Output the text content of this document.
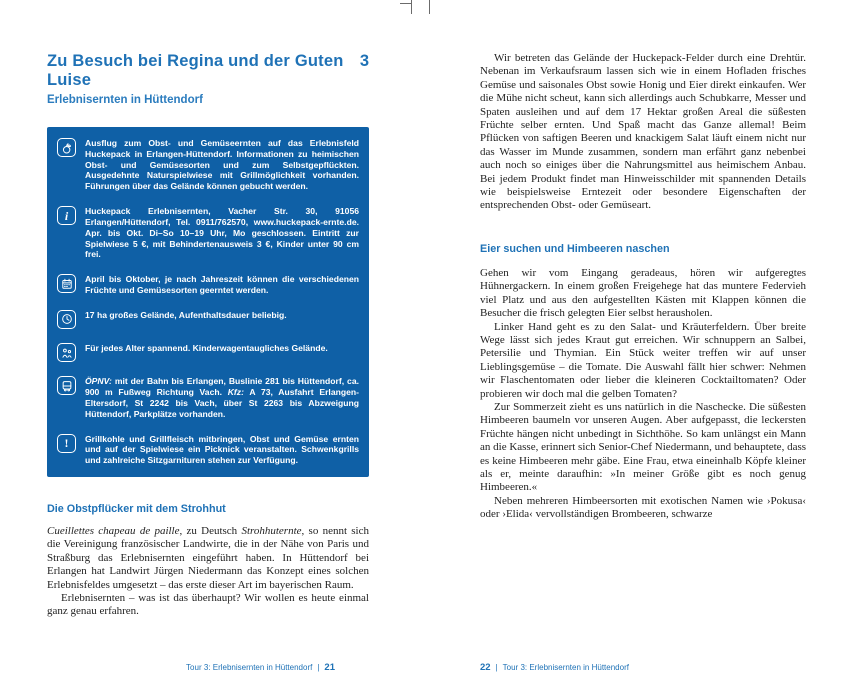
Zu Besuch bei Regina und der Guten Luise
3
Erlebnisernten in Hüttendorf
Ausflug zum Obst- und Gemüseernten auf das Erlebnisfeld Huckepack in Erlangen-Hüttendorf. Informationen zu heimischen Obst- und Gemüsesorten und zum Selbstgepflückten. Ausgedehnte Naturspielwiese mit Grillmöglichkeit vorhanden. Führungen über das Gelände können gebucht werden.
i Huckepack Erlebnisernten, Vacher Str. 30, 91056 Erlangen/Hüttendorf, Tel. 0911/762570, www.huckepack-ernte.de. Apr. bis Okt. Di–So 10–19 Uhr, Mo geschlossen. Eintritt zur Spielwiese 5 €, mit Behindertenausweis 3 €, Kinder unter 90 cm frei.
April bis Oktober, je nach Jahreszeit können die verschiedenen Früchte und Gemüsesorten geerntet werden.
17 ha großes Gelände, Aufenthaltsdauer beliebig.
Für jedes Alter spannend. Kinderwagentaugliches Gelände.
ÖPNV: mit der Bahn bis Erlangen, Buslinie 281 bis Hüttendorf, ca. 900 m Fußweg Richtung Vach. Kfz: A 73, Ausfahrt Erlangen-Eltersdorf, St 2242 bis Vach, über St 2263 bis Abzweigung Hüttendorf, Parkplätze vorhanden.
! Grillkohle und Grillfleisch mitbringen, Obst und Gemüse ernten und auf der Spielwiese ein Picknick veranstalten. Schwenkgrills und zahlreiche Sitzgarnituren stehen zur Verfügung.
Die Obstpflücker mit dem Strohhut

Cueillettes chapeau de paille, zu Deutsch Strohhuternte, so nennt sich die Vereinigung französischer Landwirte, die in der Nähe von Paris und Straßburg das Erlebnisernten eingeführt haben. In Hüttendorf bei Erlangen hat Landwirt Jürgen Niedermann das Konzept eines solchen Erlebnisfeldes umgesetzt – das erste dieser Art im bayerischen Raum.

Erlebnisernten – was ist das überhaupt? Wir wollen es heute einmal ganz genau erfahren.

Tour 3: Erlebnisernten in Hüttendorf | 21

Wir betreten das Gelände der Huckepack-Felder durch eine Drehtür. Nebenan im Verkaufsraum lassen sich wie in einem Hofladen frisches Gemüse und saisonales Obst sowie Honig und Eier direkt einkaufen. Wer die Mühe nicht scheut, kann sich allerdings auch Schubkarre, Messer und Spaten ausleihen und auf dem 17 Hektar großen Areal die süßesten Früchte selber ernten. Und Spaß macht das Ganze allemal! Beim Pflücken von saftigen Beeren und knackigem Salat läuft einem nicht nur das Wasser im Munde zusammen, sondern man erfährt ganz nebenbei auch noch so einiges über die Nahrungsmittel aus heimischem Anbau. Bei jedem Produkt findet man Hinweisschilder mit spannenden Details wie beispielsweise Erntezeit oder besondere Eigenschaften der entsprechenden Obst- oder Gemüseart.

Eier suchen und Himbeeren naschen

Gehen wir vom Eingang geradeaus, hören wir aufgeregtes Hühnergackern. In einem großen Freigehege hat das muntere Federvieh viel Platz und aus den aufgestellten Kästen mit Klappen können die Besucher die frisch gelegten Eier selbst herausholen.

Linker Hand geht es zu den Salat- und Kräuterfeldern. Über breite Wege lässt sich jedes Kraut gut erreichen. Wir schnuppern an Salbei, Petersilie und Thymian. Ein Stück weiter treffen wir auf unser Lieblingsgemüse – die Tomate. Die Auswahl fällt hier schwer: Nehmen wir Flaschentomaten oder lieber die kleineren Cocktailtomaten? Oder probieren wir doch mal die gelben Tomaten?

Zur Sommerzeit zieht es uns natürlich in die Naschecke. Die süßesten Himbeeren baumeln vor unseren Augen. Aber aufgepasst, die leckersten Früchte hängen nicht unbedingt in Sichthöhe. So kam unlängst ein Mann an die Kasse, erinnert sich Senior-Chef Niedermann, und behauptete, dass es keine Himbeeren mehr gäbe. Eine Frau, etwa eineinhalb Köpfe kleiner als er, meinte daraufhin: »In meiner Größe gibt es noch genug Himbeeren.«

Neben mehreren Himbeersorten mit exotischen Namen wie ›Pokusa‹ oder ›Elida‹ vervollständigen Brombeeren, schwarze

22 | Tour 3: Erlebnisernten in Hüttendorf
